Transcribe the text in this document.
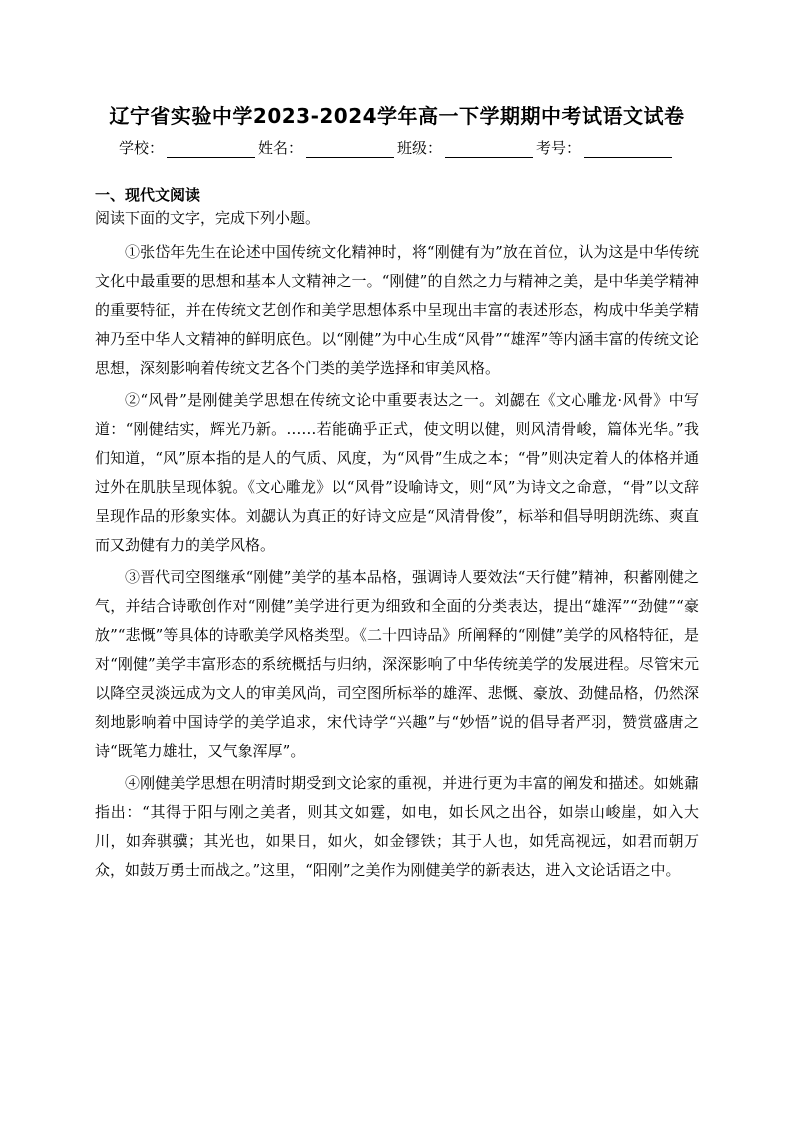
辽宁省实验中学2023-2024学年高一下学期期中考试语文试卷
学校：	姓名：	班级：	考号：
一、现代文阅读
阅读下面的文字，完成下列小题。

①张岱年先生在论述中国传统文化精神时，将“刚健有为”放在首位，认为这是中华传统文化中最重要的思想和基本人文精神之一。“刚健”的自然之力与精神之美，是中华美学精神的重要特征，并在传统文艺创作和美学思想体系中呈现出丰富的表述形态，构成中华美学精神乃至中华人文精神的鲜明底色。以“刚健”为中心生成“风骨”“雄浑”等内涵丰富的传统文论思想，深刻影响着传统文艺各个门类的美学选择和审美风格。

②“风骨”是刚健美学思想在传统文论中重要表达之一。刘勰在《文心雕龙·风骨》中写道：“刚健结实，辉光乃新。……若能确乎正式，使文明以健，则风清骨峻，篇体光华。”我们知道，“风”原本指的是人的气质、风度，为“风骨”生成之本；“骨”则决定着人的体格并通过外在肌肤呈现体貌。《文心雕龙》以“风骨”设喻诗文，则“风”为诗文之命意，“骨”以文辞呈现作品的形象实体。刘勰认为真正的好诗文应是“风清骨俊”，标举和倡导明朗洗练、爽直而又劲健有力的美学风格。

③晋代司空图继承“刚健”美学的基本品格，强调诗人要效法“天行健”精神，积蓄刚健之气，并结合诗歌创作对“刚健”美学进行更为细致和全面的分类表达，提出“雄浑”“劲健”“豪放”“悲慨”等具体的诗歌美学风格类型。《二十四诗品》所阐释的“刚健”美学的风格特征，是对“刚健”美学丰富形态的系统概括与归纳，深深影响了中华传统美学的发展进程。尽管宋元以降空灵淡远成为文人的审美风尚，司空图所标举的雄浑、悲慨、豪放、劲健品格，仍然深刻地影响着中国诗学的美学追求，宋代诗学“兴趣”与“妙悟”说的倡导者严羽，赞赏盛唐之诗“既笔力雄壮，又气象浑厚”。

④刚健美学思想在明清时期受到文论家的重视，并进行更为丰富的阐发和描述。如姚鼐指出：“其得于阳与刚之美者，则其文如霆，如电，如长风之出谷，如崇山峻崖，如入大川，如奔骐骥；其光也，如果日，如火，如金镠铁；其于人也，如凭高视远，如君而朝万众，如鼓万勇士而战之。”这里，“阳刚”之美作为刚健美学的新表达，进入文论话语之中。
